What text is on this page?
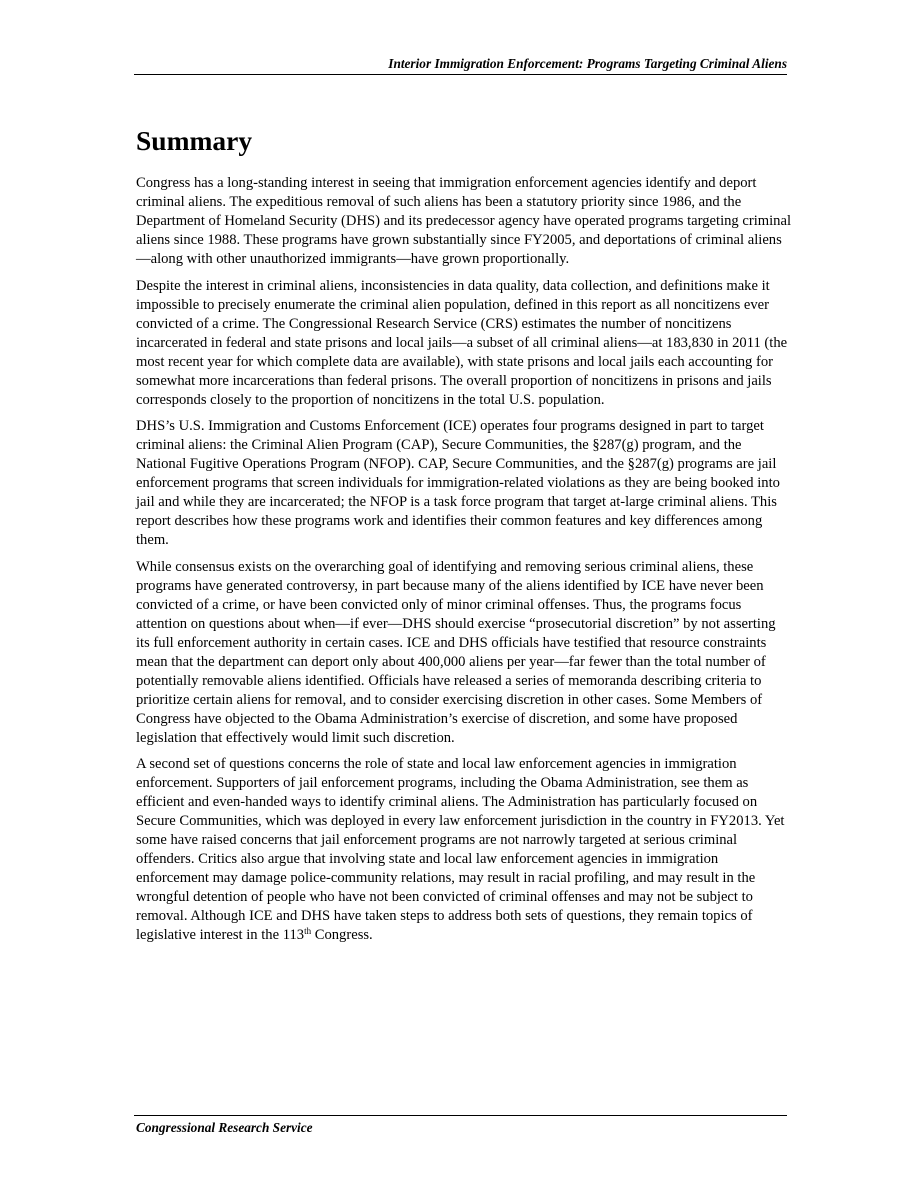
Interior Immigration Enforcement: Programs Targeting Criminal Aliens
Summary

Congress has a long-standing interest in seeing that immigration enforcement agencies identify and deport criminal aliens. The expeditious removal of such aliens has been a statutory priority since 1986, and the Department of Homeland Security (DHS) and its predecessor agency have operated programs targeting criminal aliens since 1988. These programs have grown substantially since FY2005, and deportations of criminal aliens—along with other unauthorized immigrants—have grown proportionally.

Despite the interest in criminal aliens, inconsistencies in data quality, data collection, and definitions make it impossible to precisely enumerate the criminal alien population, defined in this report as all noncitizens ever convicted of a crime. The Congressional Research Service (CRS) estimates the number of noncitizens incarcerated in federal and state prisons and local jails—a subset of all criminal aliens—at 183,830 in 2011 (the most recent year for which complete data are available), with state prisons and local jails each accounting for somewhat more incarcerations than federal prisons. The overall proportion of noncitizens in prisons and jails corresponds closely to the proportion of noncitizens in the total U.S. population.

DHS’s U.S. Immigration and Customs Enforcement (ICE) operates four programs designed in part to target criminal aliens: the Criminal Alien Program (CAP), Secure Communities, the §287(g) program, and the National Fugitive Operations Program (NFOP). CAP, Secure Communities, and the §287(g) programs are jail enforcement programs that screen individuals for immigration-related violations as they are being booked into jail and while they are incarcerated; the NFOP is a task force program that target at-large criminal aliens. This report describes how these programs work and identifies their common features and key differences among them.

While consensus exists on the overarching goal of identifying and removing serious criminal aliens, these programs have generated controversy, in part because many of the aliens identified by ICE have never been convicted of a crime, or have been convicted only of minor criminal offenses. Thus, the programs focus attention on questions about when—if ever—DHS should exercise “prosecutorial discretion” by not asserting its full enforcement authority in certain cases. ICE and DHS officials have testified that resource constraints mean that the department can deport only about 400,000 aliens per year—far fewer than the total number of potentially removable aliens identified. Officials have released a series of memoranda describing criteria to prioritize certain aliens for removal, and to consider exercising discretion in other cases. Some Members of Congress have objected to the Obama Administration’s exercise of discretion, and some have proposed legislation that effectively would limit such discretion.

A second set of questions concerns the role of state and local law enforcement agencies in immigration enforcement. Supporters of jail enforcement programs, including the Obama Administration, see them as efficient and even-handed ways to identify criminal aliens. The Administration has particularly focused on Secure Communities, which was deployed in every law enforcement jurisdiction in the country in FY2013. Yet some have raised concerns that jail enforcement programs are not narrowly targeted at serious criminal offenders. Critics also argue that involving state and local law enforcement agencies in immigration enforcement may damage police-community relations, may result in racial profiling, and may result in the wrongful detention of people who have not been convicted of criminal offenses and may not be subject to removal. Although ICE and DHS have taken steps to address both sets of questions, they remain topics of legislative interest in the 113th Congress.

Congressional Research Service
